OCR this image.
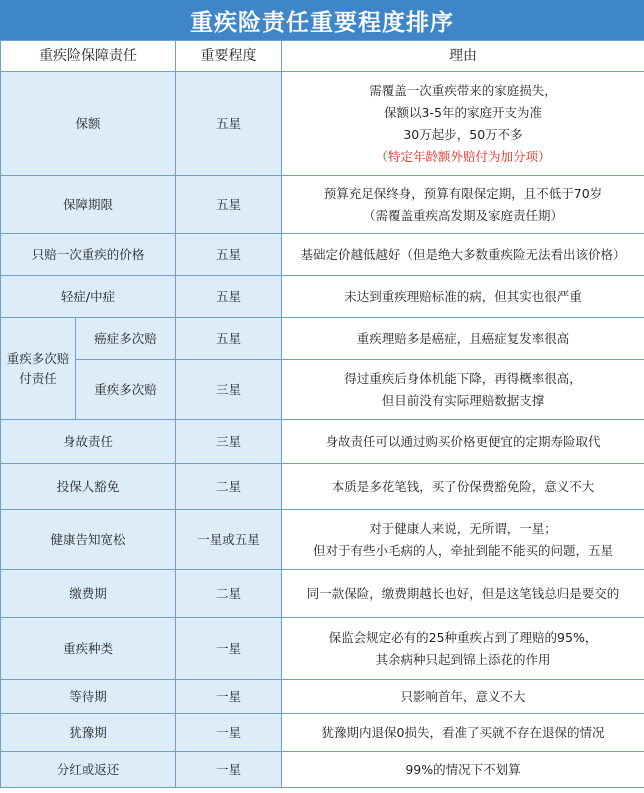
重疾险责任重要程度排序
重疾险保障责任		重要程度	理由
保额		五星	需覆盖一次重疾带来的家庭损失，
保额以3-5年的家庭开支为准
30万起步，50万不多
（特定年龄额外赔付为加分项）

保障期限		五星	预算充足保终身，预算有限保定期，且不低于70岁
（需覆盖重疾高发期及家庭责任期）

只赔一次重疾的价格		五星	基础定价越低越好（但是绝大多数重疾险无法看出该价格）

轻症/中症		五星	未达到重疾理赔标准的病，但其实也很严重

重疾多次赔付责任	癌症多次赔	五星	重疾理赔多是癌症，且癌症复发率很高

	重疾多次赔	三星	得过重疾后身体机能下降，再得概率很高，
但目前没有实际理赔数据支撑

身故责任		三星	身故责任可以通过购买价格更便宜的定期寿险取代

投保人豁免		二星	本质是多花笔钱，买了份保费豁免险，意义不大

健康告知宽松		一星或五星	对于健康人来说，无所谓，一星；
但对于有些小毛病的人，牵扯到能不能买的问题，五星

缴费期		二星	同一款保险，缴费期越长也好，但是这笔钱总归是要交的

重疾种类		一星	保监会规定必有的25种重疾占到了理赔的95%，
其余病种只起到锦上添花的作用

等待期		一星	只影响首年，意义不大

犹豫期		一星	犹豫期内退保0损失，看准了买就不存在退保的情况

分红或返还		一星	99%的情况下不划算
